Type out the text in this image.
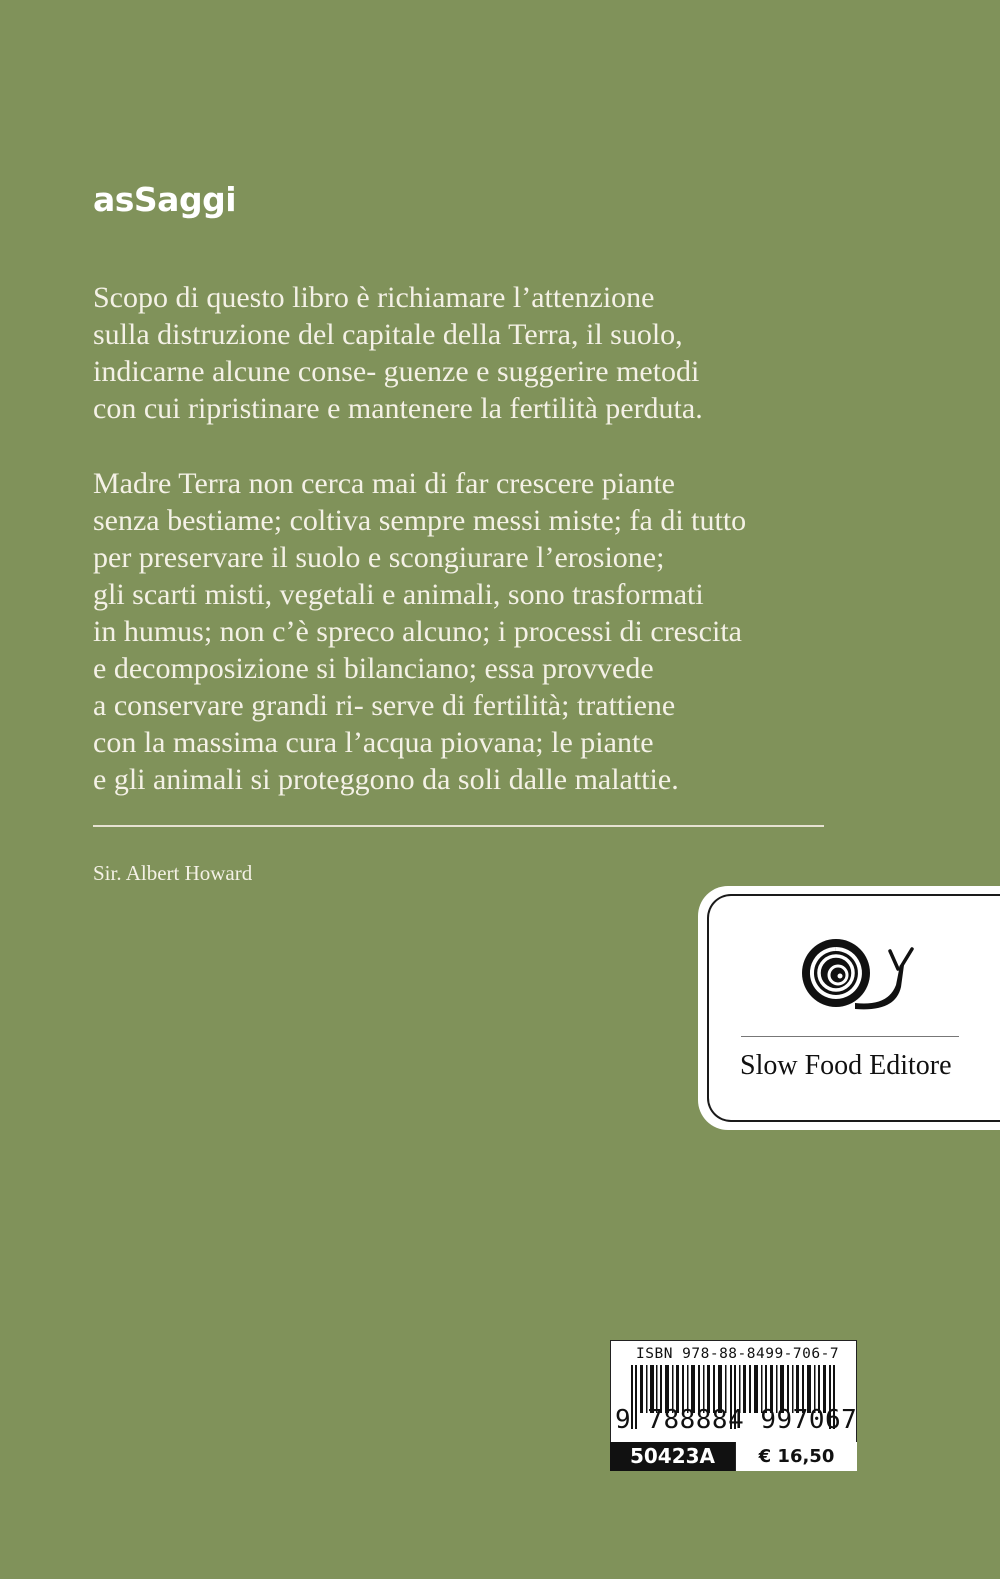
asSaggi

Scopo di questo libro è richiamare l’attenzione
sulla distruzione del capitale della Terra, il suolo,
indicarne alcune conse- guenze e suggerire metodi
con cui ripristinare e mantenere la fertilità perduta.

Madre Terra non cerca mai di far crescere piante
senza bestiame; coltiva sempre messi miste; fa di tutto
per preservare il suolo e scongiurare l’erosione;
gli scarti misti, vegetali e animali, sono trasformati
in humus; non c’è spreco alcuno; i processi di crescita
e decomposizione si bilanciano; essa provvede
a conservare grandi ri- serve di fertilità; trattiene
con la massima cura l’acqua piovana; le piante
e gli animali si proteggono da soli dalle malattie.

Sir. Albert Howard
Slow Food Editore
ISBN 978-88-8499-706-7
9 788884 997067
50423A	€ 16,50
